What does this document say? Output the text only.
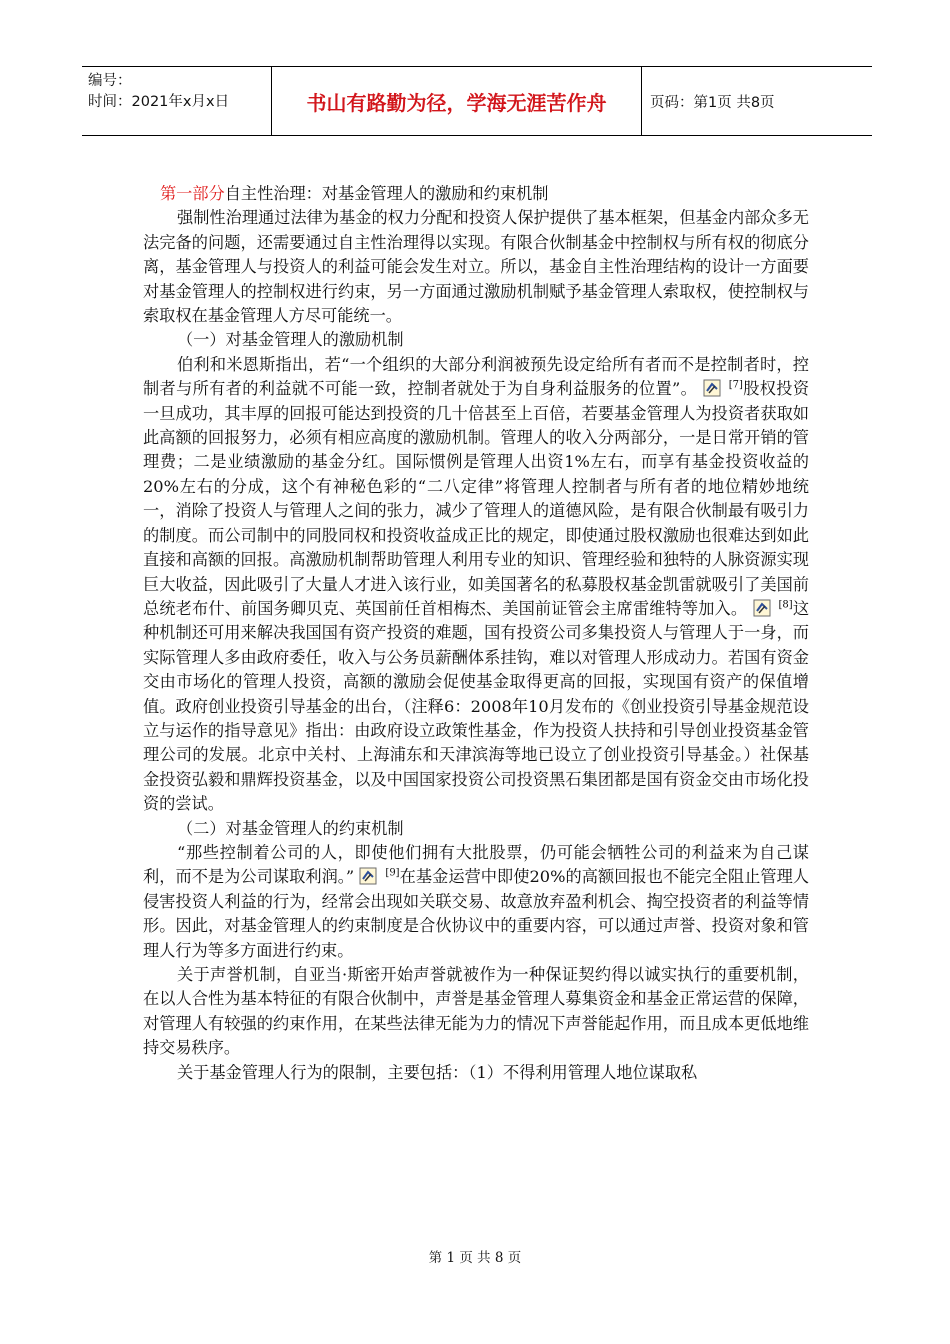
编号：
时间：2021年x月x日	书山有路勤为径，学海无涯苦作舟	页码：第1页 共8页

第一部分自主性治理：对基金管理人的激励和约束机制

强制性治理通过法律为基金的权力分配和投资人保护提供了基本框架，但基金内部众多无法完备的问题，还需要通过自主性治理得以实现。有限合伙制基金中控制权与所有权的彻底分离，基金管理人与投资人的利益可能会发生对立。所以，基金自主性治理结构的设计一方面要对基金管理人的控制权进行约束，另一方面通过激励机制赋予基金管理人索取权，使控制权与索取权在基金管理人方尽可能统一。

（一）对基金管理人的激励机制

伯利和米恩斯指出，若“一个组织的大部分利润被预先设定给所有者而不是控制者时，控制者与所有者的利益就不可能一致，控制者就处于为自身利益服务的位置”。	[7]股权投资一旦成功，其丰厚的回报可能达到投资的几十倍甚至上百倍，若要基金管理人为投资者获取如此高额的回报努力，必须有相应高度的激励机制。管理人的收入分两部分，一是日常开销的管理费；二是业绩激励的基金分红。国际惯例是管理人出资1%左右，而享有基金投资收益的20%左右的分成，这个有神秘色彩的“二八定律”将管理人控制者与所有者的地位精妙地统一，消除了投资人与管理人之间的张力，减少了管理人的道德风险，是有限合伙制最有吸引力的制度。而公司制中的同股同权和投资收益成正比的规定，即使通过股权激励也很难达到如此直接和高额的回报。高激励机制帮助管理人利用专业的知识、管理经验和独特的人脉资源实现巨大收益，因此吸引了大量人才进入该行业，如美国著名的私募股权基金凯雷就吸引了美国前总统老布什、前国务卿贝克、英国前任首相梅杰、美国前证管会主席雷维特等加入。	[8]这种机制还可用来解决我国国有资产投资的难题，国有投资公司多集投资人与管理人于一身，而实际管理人多由政府委任，收入与公务员薪酬体系挂钩，难以对管理人形成动力。若国有资金交由市场化的管理人投资，高额的激励会促使基金取得更高的回报，实现国有资产的保值增值。政府创业投资引导基金的出台，（注释6：2008年10月发布的《创业投资引导基金规范设立与运作的指导意见》指出：由政府设立政策性基金，作为投资人扶持和引导创业投资基金管理公司的发展。北京中关村、上海浦东和天津滨海等地已设立了创业投资引导基金。）社保基金投资弘毅和鼎辉投资基金，以及中国国家投资公司投资黑石集团都是国有资金交由市场化投资的尝试。

（二）对基金管理人的约束机制

“那些控制着公司的人，即使他们拥有大批股票，仍可能会牺牲公司的利益来为自己谋利，而不是为公司谋取利润。”	[9]在基金运营中即使20%的高额回报也不能完全阻止管理人侵害投资人利益的行为，经常会出现如关联交易、故意放弃盈利机会、掏空投资者的利益等情形。因此，对基金管理人的约束制度是合伙协议中的重要内容，可以通过声誉、投资对象和管理人行为等多方面进行约束。

关于声誉机制，自亚当·斯密开始声誉就被作为一种保证契约得以诚实执行的重要机制，在以人合性为基本特征的有限合伙制中，声誉是基金管理人募集资金和基金正常运营的保障，对管理人有较强的约束作用，在某些法律无能为力的情况下声誉能起作用，而且成本更低地维持交易秩序。

关于基金管理人行为的限制，主要包括：（1）不得利用管理人地位谋取私

第 1 页 共 8 页
